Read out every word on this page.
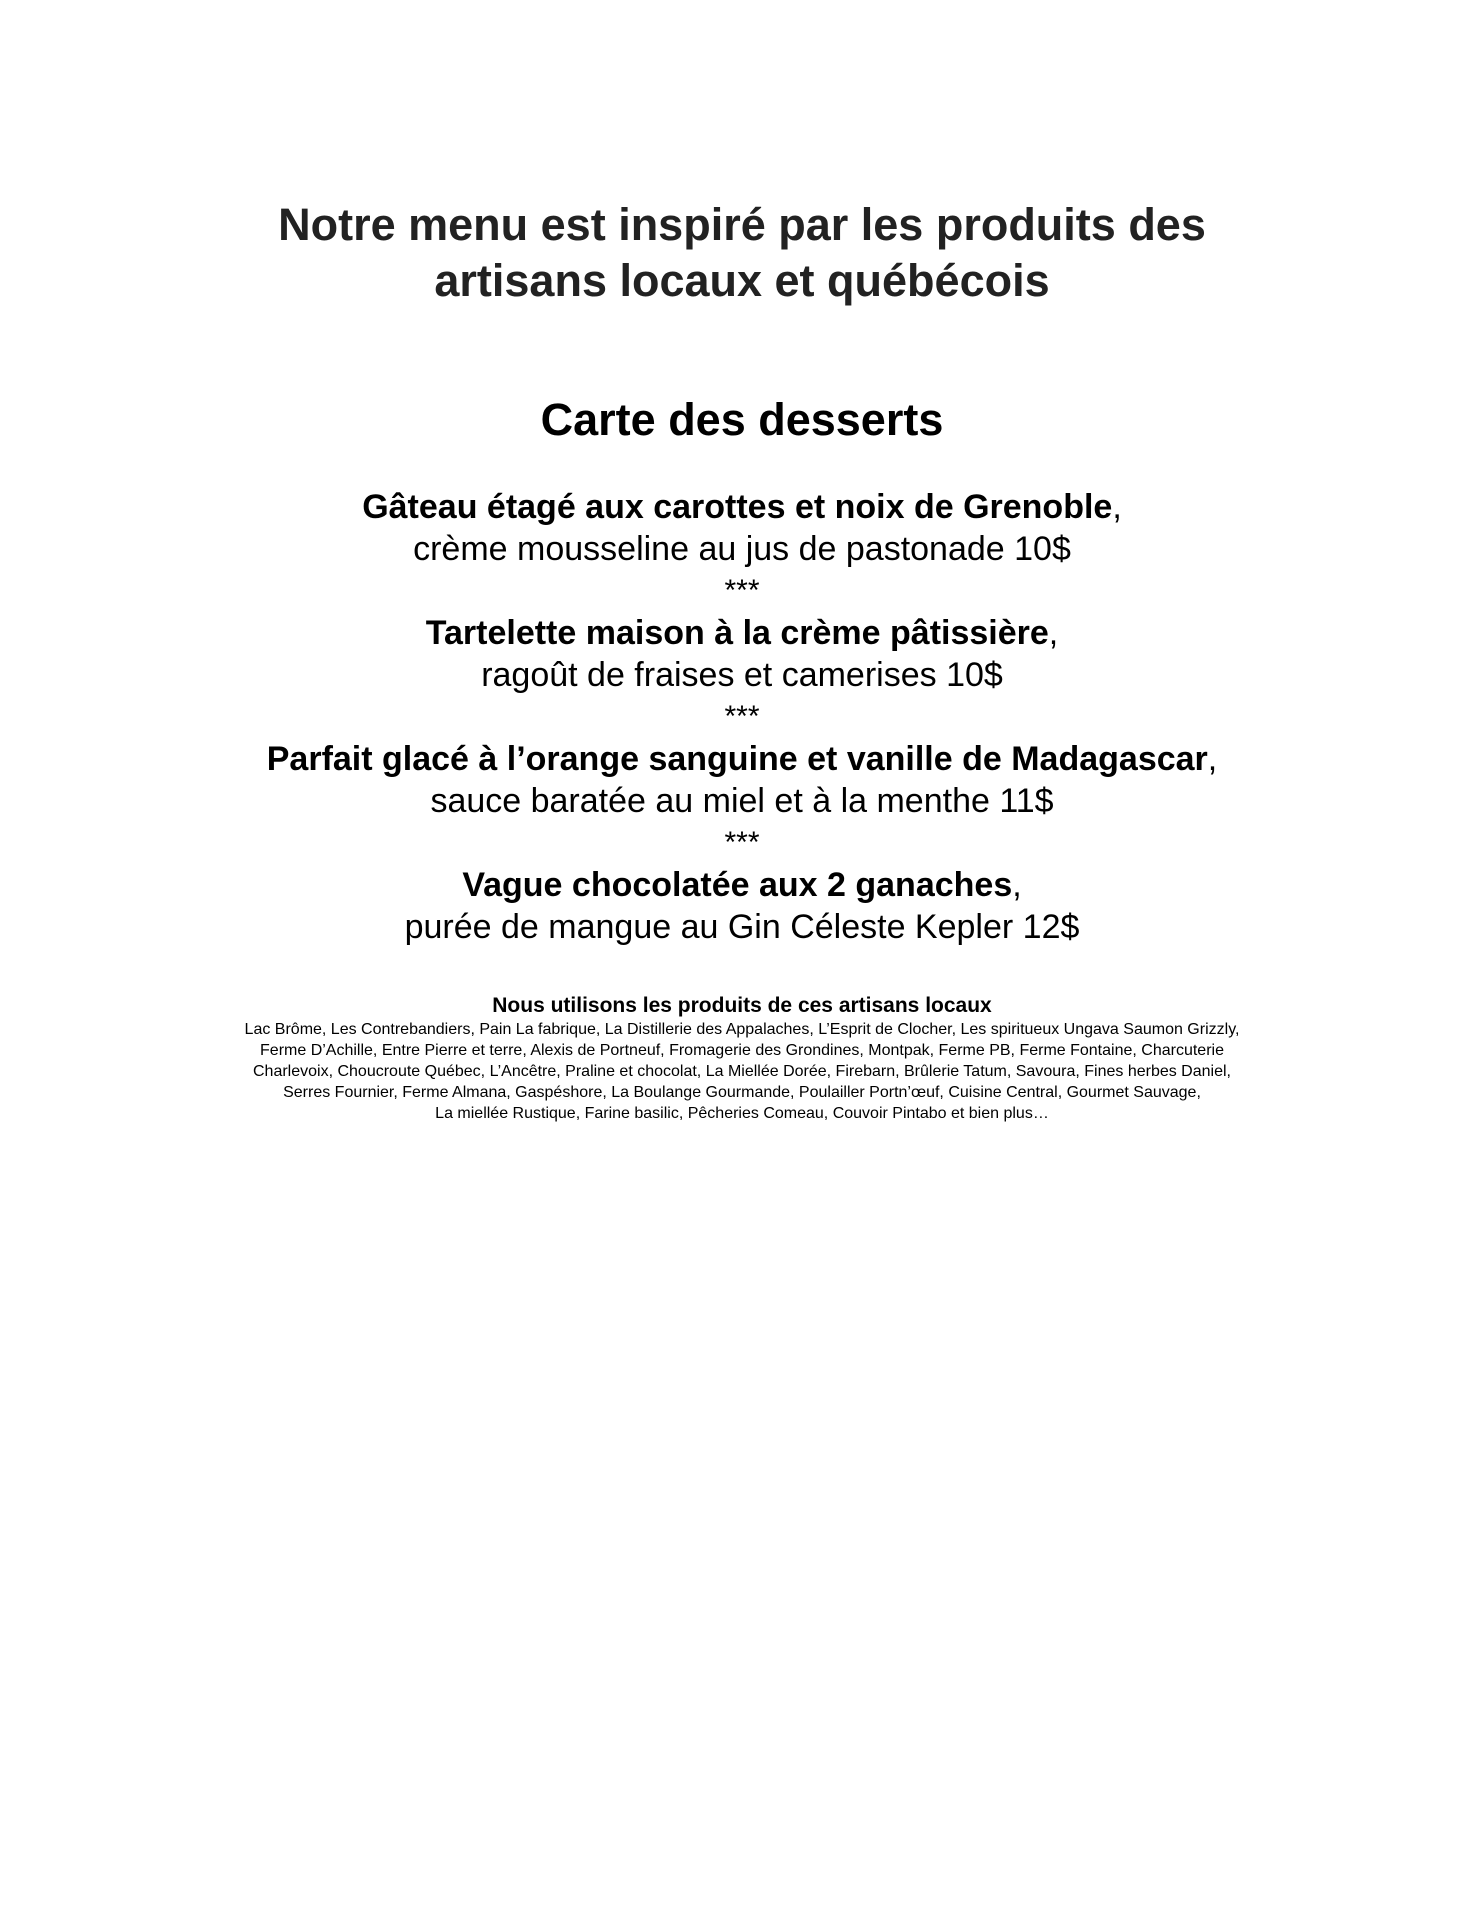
Notre menu est inspiré par les produits des
artisans locaux et québécois
Carte des desserts
Gâteau étagé aux carottes et noix de Grenoble,
crème mousseline au jus de pastonade 10$
***
Tartelette maison à la crème pâtissière,
ragoût de fraises et camerises 10$
***
Parfait glacé à l’orange sanguine et vanille de Madagascar,
sauce baratée au miel et à la menthe 11$
***
Vague chocolatée aux 2 ganaches,
purée de mangue au Gin Céleste Kepler 12$
Nous utilisons les produits de ces artisans locaux
Lac Brôme, Les Contrebandiers, Pain La fabrique, La Distillerie des Appalaches, L’Esprit de Clocher, Les spiritueux Ungava Saumon Grizzly,
Ferme D’Achille, Entre Pierre et terre, Alexis de Portneuf, Fromagerie des Grondines, Montpak, Ferme PB, Ferme Fontaine, Charcuterie
Charlevoix, Choucroute Québec, L’Ancêtre, Praline et chocolat, La Miellée Dorée, Firebarn, Brûlerie Tatum, Savoura, Fines herbes Daniel,
Serres Fournier, Ferme Almana, Gaspéshore, La Boulange Gourmande, Poulailler Portn’œuf, Cuisine Central, Gourmet Sauvage,
La miellée Rustique, Farine basilic, Pêcheries Comeau, Couvoir Pintabo et bien plus…
